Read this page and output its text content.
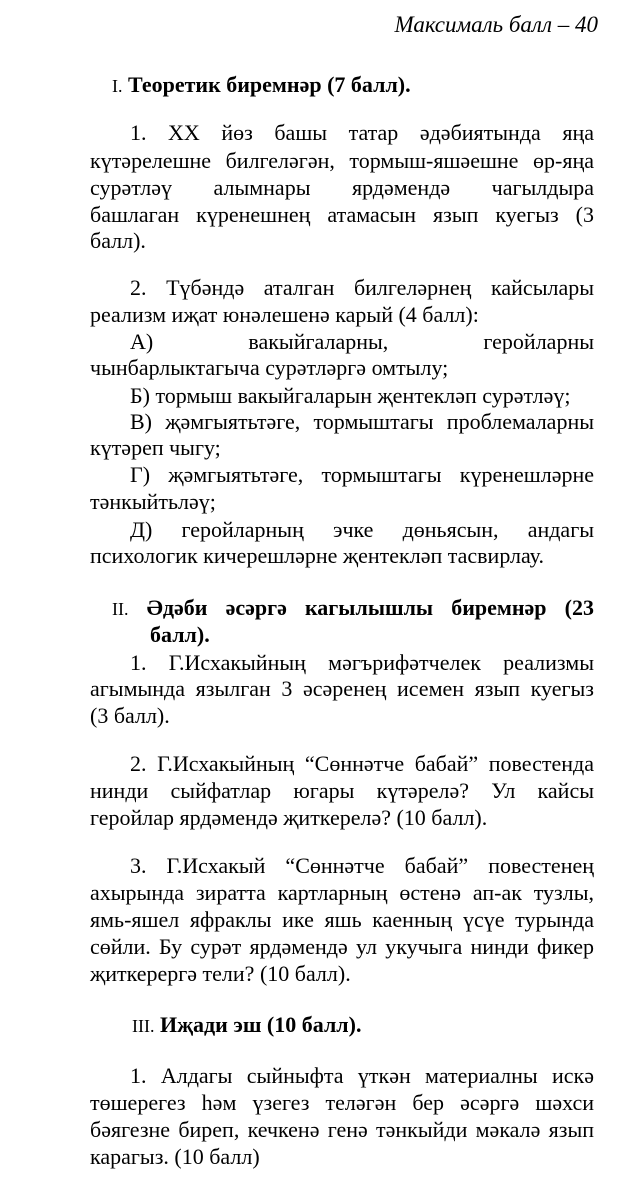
Максималь балл – 40
I. Теоретик биремнәр (7 балл).
1. XX йөз башы татар әдәбиятында яңа
күтәрелешне билгеләгән, тормыш-яшәешне өр-яңа
сурәтләү алымнары ярдәмендә чагылдыра
башлаган күренешнең атамасын язып куегыз (3
балл).
2. Түбәндә аталган билгеләрнең кайсылары
реализм иҗат юнәлешенә карый (4 балл):
А) вакыйгаларны, геройларны
чынбарлыктагыча сурәтләргә омтылу;
Б) тормыш вакыйгаларын җентекләп сурәтләү;
В) җәмгыятьтәге, тормыштагы проблемаларны
күтәреп чыгу;
Г) җәмгыятьтәге, тормыштагы күренешләрне
тәнкыйтьләү;
Д) геройларның эчке дөньясын, андагы
психологик кичерешләрне җентекләп тасвирлау.
II. Әдәби әсәргә кагылышлы биремнәр (23
балл).
1. Г.Исхакыйның мәгърифәтчелек реализмы
агымында язылган 3 әсәренең исемен язып куегыз
(3 балл).
2. Г.Исхакыйның “Сөннәтче бабай” повестенда
нинди сыйфатлар югары күтәрелә? Ул кайсы
геройлар ярдәмендә җиткерелә? (10 балл).
3. Г.Исхакый “Сөннәтче бабай” повестенең
ахырында зиратта картларның өстенә ап-ак тузлы,
ямь-яшел яфраклы ике яшь каенның үсүе турында
сөйли. Бу сурәт ярдәмендә ул укучыга нинди фикер
җиткерергә тели? (10 балл).
III. Иҗади эш (10 балл).
1. Алдагы сыйныфта үткән материалны искә
төшерегез һәм үзегез теләгән бер әсәргә шәхси
бәягезне биреп, кечкенә генә тәнкыйди мәкалә язып
карагыз. (10 балл)
